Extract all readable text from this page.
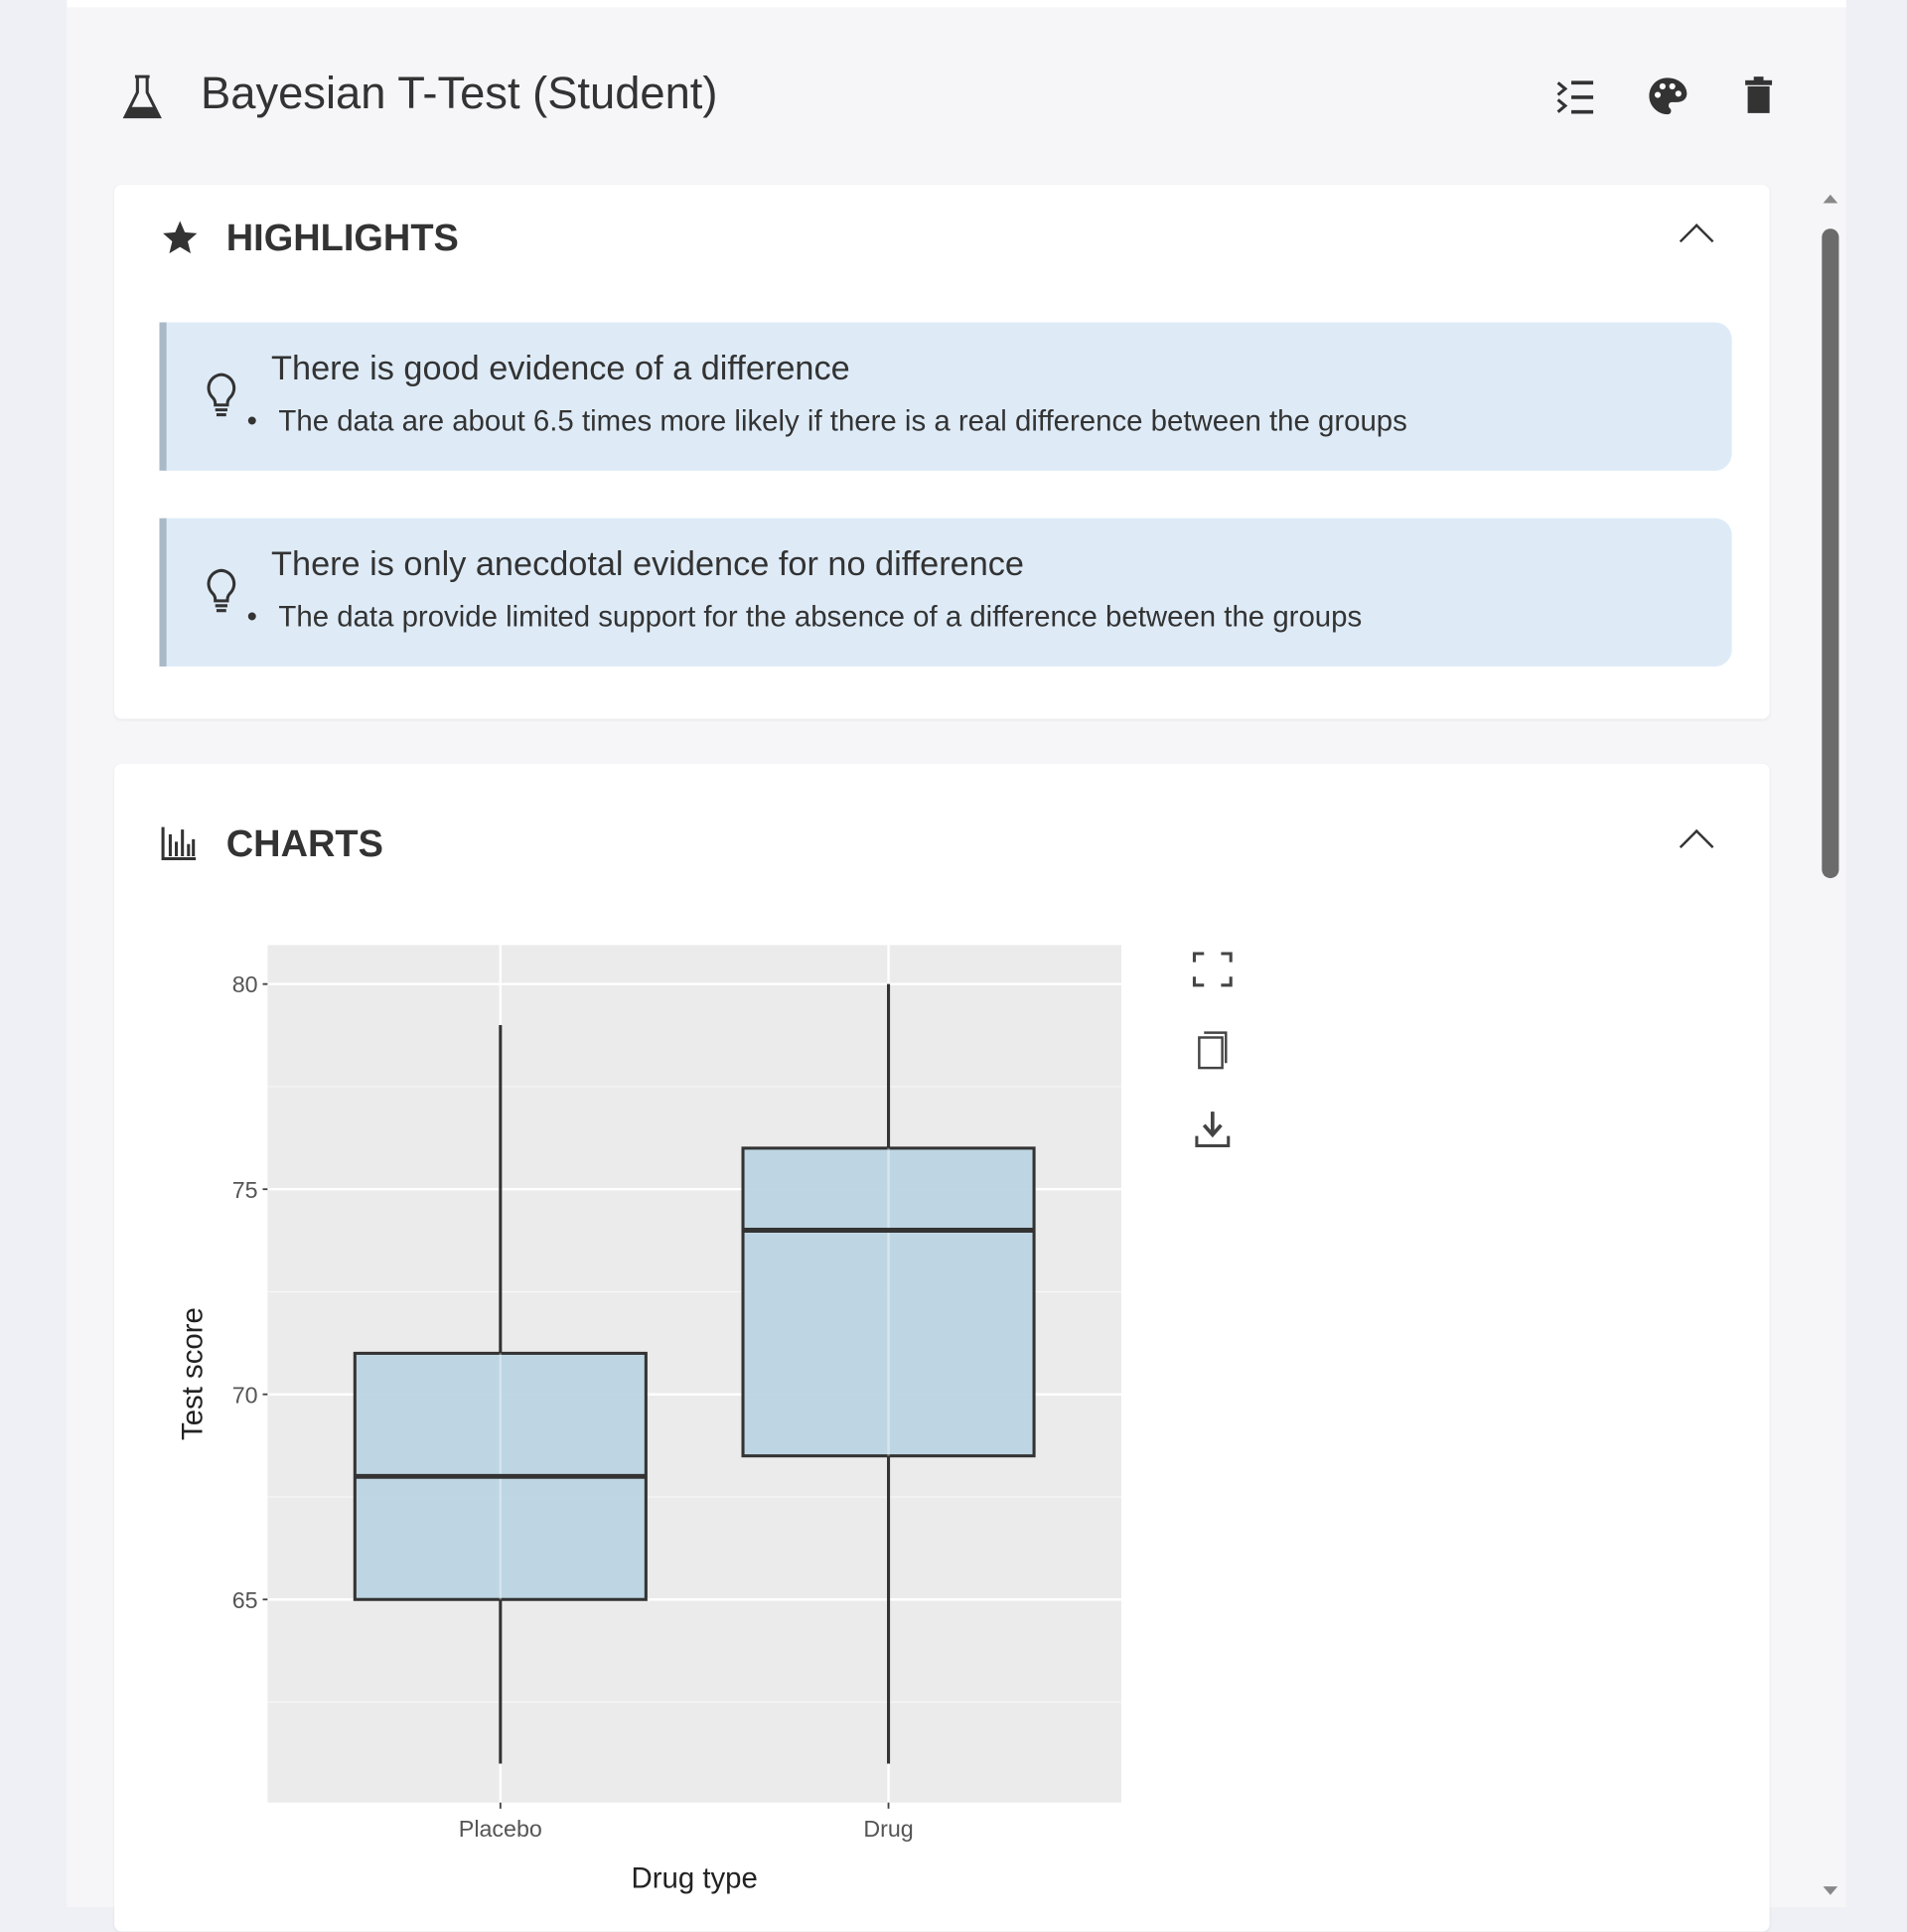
Bayesian T-Test (Student)
HIGHLIGHTS
There is good evidence of a difference
• The data are about 6.5 times more likely if there is a real difference between the groups
There is only anecdotal evidence for no difference
• The data provide limited support for the absence of a difference between the groups
CHARTS
65
70
75
80
Placebo	Drug
Drug type
Test score
